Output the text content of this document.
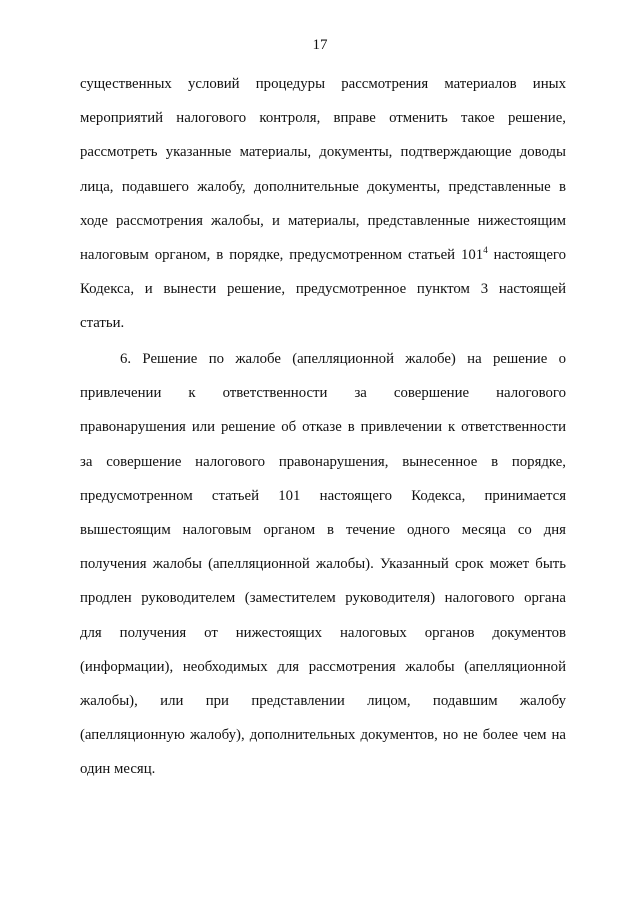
17
существенных условий процедуры рассмотрения материалов иных
мероприятий налогового контроля, вправе отменить такое решение,
рассмотреть указанные материалы, документы, подтверждающие доводы
лица, подавшего жалобу, дополнительные документы, представленные в
ходе рассмотрения жалобы, и материалы, представленные нижестоящим
налоговым органом, в порядке, предусмотренном статьей $101^4$ настоящего
Кодекса, и вынести решение, предусмотренное пунктом 3 настоящей
статьи.
6. Решение по жалобе (апелляционной жалобе) на решение о
привлечении к ответственности за совершение налогового
правонарушения или решение об отказе в привлечении к ответственности
за совершение налогового правонарушения, вынесенное в порядке,
предусмотренном статьей 101 настоящего Кодекса, принимается
вышестоящим налоговым органом в течение одного месяца со дня
получения жалобы (апелляционной жалобы). Указанный срок может быть
продлен руководителем (заместителем руководителя) налогового органа
для получения от нижестоящих налоговых органов документов
(информации), необходимых для рассмотрения жалобы (апелляционной
жалобы), или при представлении лицом, подавшим жалобу
(апелляционную жалобу), дополнительных документов, но не более чем на
один месяц.
